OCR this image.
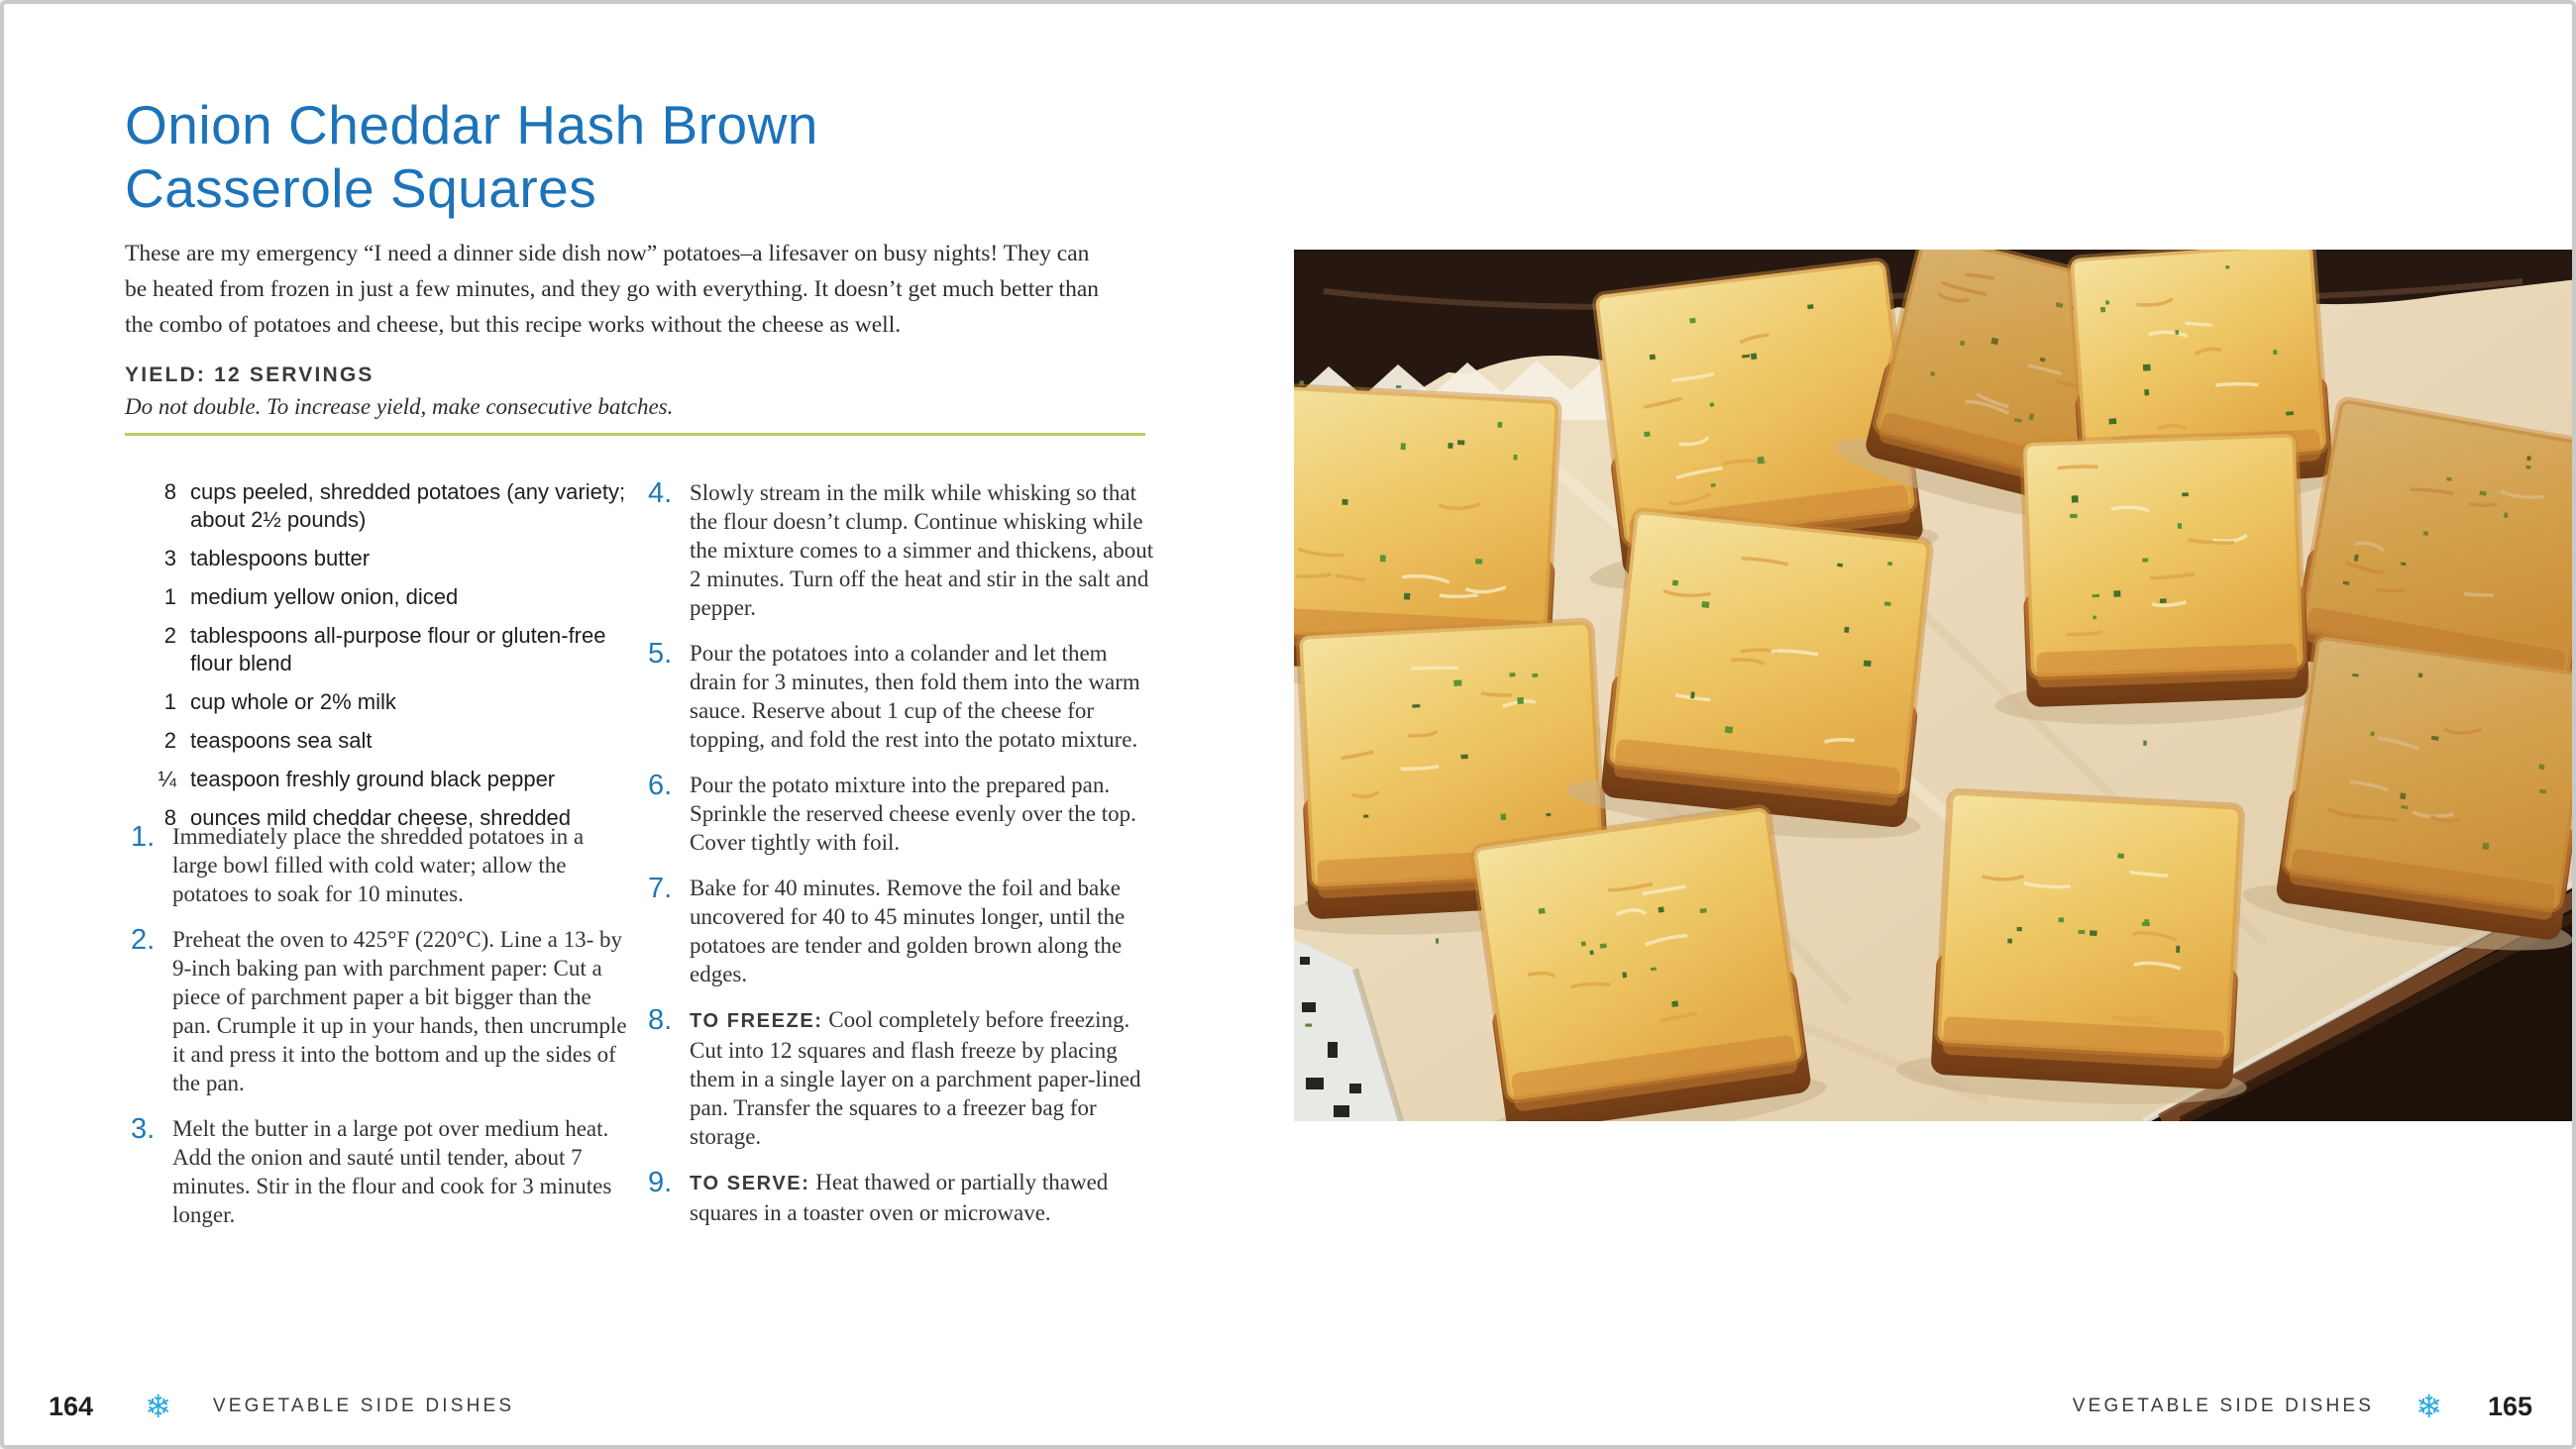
Onion Cheddar Hash Brown
Casserole Squares

These are my emergency “I need a dinner side dish now” potatoes–a lifesaver on busy nights! They can be heated from frozen in just a few minutes, and they go with everything. It doesn’t get much better than the combo of potatoes and cheese, but this recipe works without the cheese as well.

YIELD: 12 SERVINGS

Do not double. To increase yield, make consecutive batches.

8 cups peeled, shredded potatoes (any variety; about 2½ pounds)
3 tablespoons butter
1 medium yellow onion, diced
2 tablespoons all-purpose flour or gluten-free flour blend
1 cup whole or 2% milk
2 teaspoons sea salt
¼ teaspoon freshly ground black pepper
8 ounces mild cheddar cheese, shredded
1. Immediately place the shredded potatoes in a large bowl filled with cold water; allow the potatoes to soak for 10 minutes.
2. Preheat the oven to 425°F (220°C). Line a 13- by 9-inch baking pan with parchment paper: Cut a piece of parchment paper a bit bigger than the pan. Crumple it up in your hands, then uncrumple it and press it into the bottom and up the sides of the pan.
3. Melt the butter in a large pot over medium heat. Add the onion and sauté until tender, about 7 minutes. Stir in the flour and cook for 3 minutes longer.
4. Slowly stream in the milk while whisking so that the flour doesn’t clump. Continue whisking while the mixture comes to a simmer and thickens, about 2 minutes. Turn off the heat and stir in the salt and pepper.
5. Pour the potatoes into a colander and let them drain for 3 minutes, then fold them into the warm sauce. Reserve about 1 cup of the cheese for topping, and fold the rest into the potato mixture.
6. Pour the potato mixture into the prepared pan. Sprinkle the reserved cheese evenly over the top. Cover tightly with foil.
7. Bake for 40 minutes. Remove the foil and bake uncovered for 40 to 45 minutes longer, until the potatoes are tender and golden brown along the edges.
8. TO FREEZE: Cool completely before freezing. Cut into 12 squares and flash freeze by placing them in a single layer on a parchment paper-lined pan. Transfer the squares to a freezer bag for storage.
9. TO SERVE: Heat thawed or partially thawed squares in a toaster oven or microwave.
164 ❄ VEGETABLE SIDE DISHES	VEGETABLE SIDE DISHES ❄ 165
